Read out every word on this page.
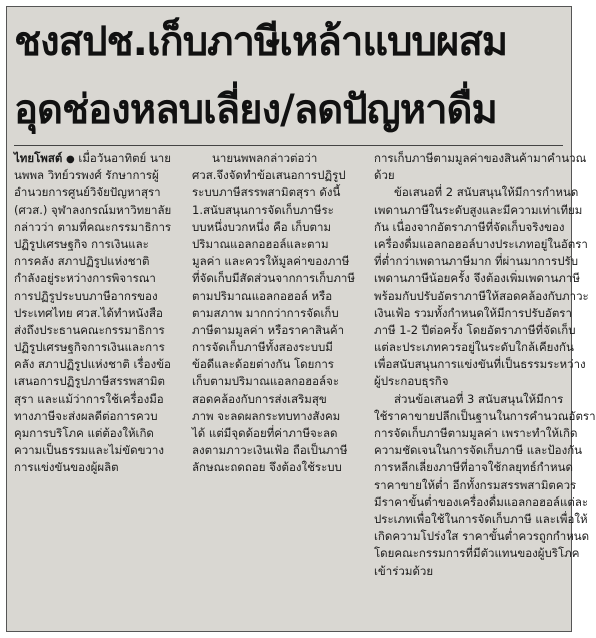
ชงสปช.เก็บภาษีเหล้าแบบผสม
อุดช่องหลบเลี่ยง/ลดปัญหาดื่ม
ไทยโพสต์ ● เมื่อวันอาทิตย์ นาย
นพพล วิทย์วรพงศ์ รักษาการผู้
อำนวยการศูนย์วิจัยปัญหาสุรา
(ศวส.) จุฬาลงกรณ์มหาวิทยาลัย
กล่าวว่า ตามที่คณะกรรมาธิการ
ปฏิรูปเศรษฐกิจ การเงินและ
การคลัง สภาปฏิรูปแห่งชาติ
กำลังอยู่ระหว่างการพิจารณา
การปฏิรูประบบภาษีอากรของ
ประเทศไทย ศวส.ได้ทำหนังสือ
ส่งถึงประธานคณะกรรมาธิการ
ปฏิรูปเศรษฐกิจการเงินและการ
คลัง สภาปฏิรูปแห่งชาติ เรื่องข้อ
เสนอการปฏิรูปภาษีสรรพสามิต
สุรา และแม้ว่าการใช้เครื่องมือ
ทางภาษีจะส่งผลดีต่อการควบ
คุมการบริโภค แต่ต้องให้เกิด
ความเป็นธรรมและไม่ขัดขวาง
การแข่งขันของผู้ผลิต
นายนพพลกล่าวต่อว่า
ศวส.จึงจัดทำข้อเสนอการปฏิรูป
ระบบภาษีสรรพสามิตสุรา ดังนี้
1.สนับสนุนการจัดเก็บภาษีระ
บบหนึ่งบวกหนึ่ง คือ เก็บตาม
ปริมาณแอลกอฮอล์และตาม
มูลค่า และควรให้มูลค่าของภาษี
ที่จัดเก็บมีสัดส่วนจากการเก็บภาษี
ตามปริมาณแอลกอฮอล์ หรือ
ตามสภาพ มากกว่าการจัดเก็บ
ภาษีตามมูลค่า หรือราคาสินค้า
การจัดเก็บภาษีทั้งสองระบบมี
ข้อดีและด้อยต่างกัน โดยการ
เก็บตามปริมาณแอลกอฮอล์จะ
สอดคล้องกับการส่งเสริมสุข
ภาพ จะลดผลกระทบทางสังคม
ได้ แต่มีจุดด้อยที่ค่าภาษีจะลด
ลงตามภาวะเงินเฟ้อ ถือเป็นภาษี
ลักษณะถดถอย จึงต้องใช้ระบบ
การเก็บภาษีตามมูลค่าของสินค้ามาคำนวณ
ด้วย
ข้อเสนอที่ 2 สนับสนุนให้มีการกำหนด
เพดานภาษีในระดับสูงและมีความเท่าเทียม
กัน เนื่องจากอัตราภาษีที่จัดเก็บจริงของ
เครื่องดื่มแอลกอฮอล์บางประเภทอยู่ในอัตรา
ที่ต่ำกว่าเพดานภาษีมาก ที่ผ่านมาการปรับ
เพดานภาษีน้อยครั้ง จึงต้องเพิ่มเพดานภาษี
พร้อมกับปรับอัตราภาษีให้สอดคล้องกับภาวะ
เงินเฟ้อ รวมทั้งกำหนดให้มีการปรับอัตรา
ภาษี 1-2 ปีต่อครั้ง โดยอัตราภาษีที่จัดเก็บ
แต่ละประเภทควรอยู่ในระดับใกล้เคียงกัน
เพื่อสนับสนุนการแข่งขันที่เป็นธรรมระหว่าง
ผู้ประกอบธุรกิจ
ส่วนข้อเสนอที่ 3 สนับสนุนให้มีการ
ใช้ราคาขายปลีกเป็นฐานในการคำนวณอัตรา
การจัดเก็บภาษีตามมูลค่า เพราะทำให้เกิด
ความชัดเจนในการจัดเก็บภาษี และป้องกัน
การหลีกเลี่ยงภาษีที่อาจใช้กลยุทธ์กำหนด
ราคาขายให้ต่ำ อีกทั้งกรมสรรพสามิตควร
มีราคาขั้นต่ำของเครื่องดื่มแอลกอฮอล์แต่ละ
ประเภทเพื่อใช้ในการจัดเก็บภาษี และเพื่อให้
เกิดความโปร่งใส ราคาขั้นต่ำควรถูกกำหนด
โดยคณะกรรมการที่มีตัวแทนของผู้บริโภค
เข้าร่วมด้วย
